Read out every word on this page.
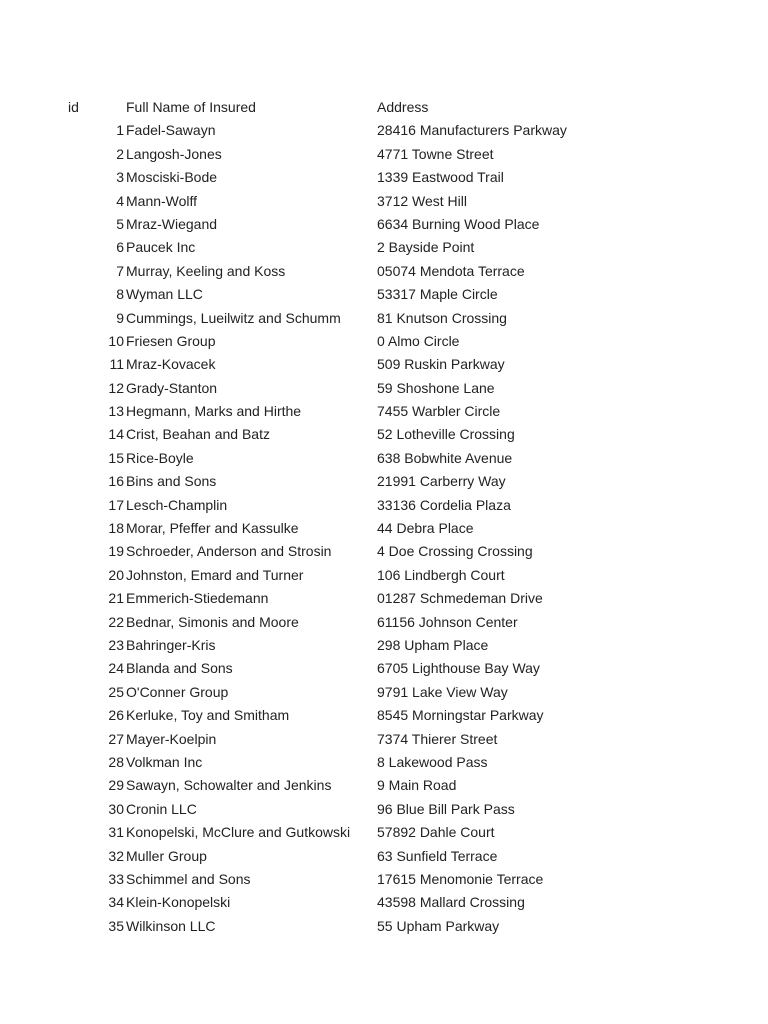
id	Full Name of Insured	Address
1 Fadel-Sawayn	28416 Manufacturers Parkway
2 Langosh-Jones	4771 Towne Street
3 Mosciski-Bode	1339 Eastwood Trail
4 Mann-Wolff	3712 West Hill
5 Mraz-Wiegand	6634 Burning Wood Place
6 Paucek Inc	2 Bayside Point
7 Murray, Keeling and Koss	05074 Mendota Terrace
8 Wyman LLC	53317 Maple Circle
9 Cummings, Lueilwitz and Schumm	81 Knutson Crossing
10 Friesen Group	0 Almo Circle
11 Mraz-Kovacek	509 Ruskin Parkway
12 Grady-Stanton	59 Shoshone Lane
13 Hegmann, Marks and Hirthe	7455 Warbler Circle
14 Crist, Beahan and Batz	52 Lotheville Crossing
15 Rice-Boyle	638 Bobwhite Avenue
16 Bins and Sons	21991 Carberry Way
17 Lesch-Champlin	33136 Cordelia Plaza
18 Morar, Pfeffer and Kassulke	44 Debra Place
19 Schroeder, Anderson and Strosin	4 Doe Crossing Crossing
20 Johnston, Emard and Turner	106 Lindbergh Court
21 Emmerich-Stiedemann	01287 Schmedeman Drive
22 Bednar, Simonis and Moore	61156 Johnson Center
23 Bahringer-Kris	298 Upham Place
24 Blanda and Sons	6705 Lighthouse Bay Way
25 O'Conner Group	9791 Lake View Way
26 Kerluke, Toy and Smitham	8545 Morningstar Parkway
27 Mayer-Koelpin	7374 Thierer Street
28 Volkman Inc	8 Lakewood Pass
29 Sawayn, Schowalter and Jenkins	9 Main Road
30 Cronin LLC	96 Blue Bill Park Pass
31 Konopelski, McClure and Gutkowski 57892 Dahle Court
32 Muller Group	63 Sunfield Terrace
33 Schimmel and Sons	17615 Menomonie Terrace
34 Klein-Konopelski	43598 Mallard Crossing
35 Wilkinson LLC	55 Upham Parkway
